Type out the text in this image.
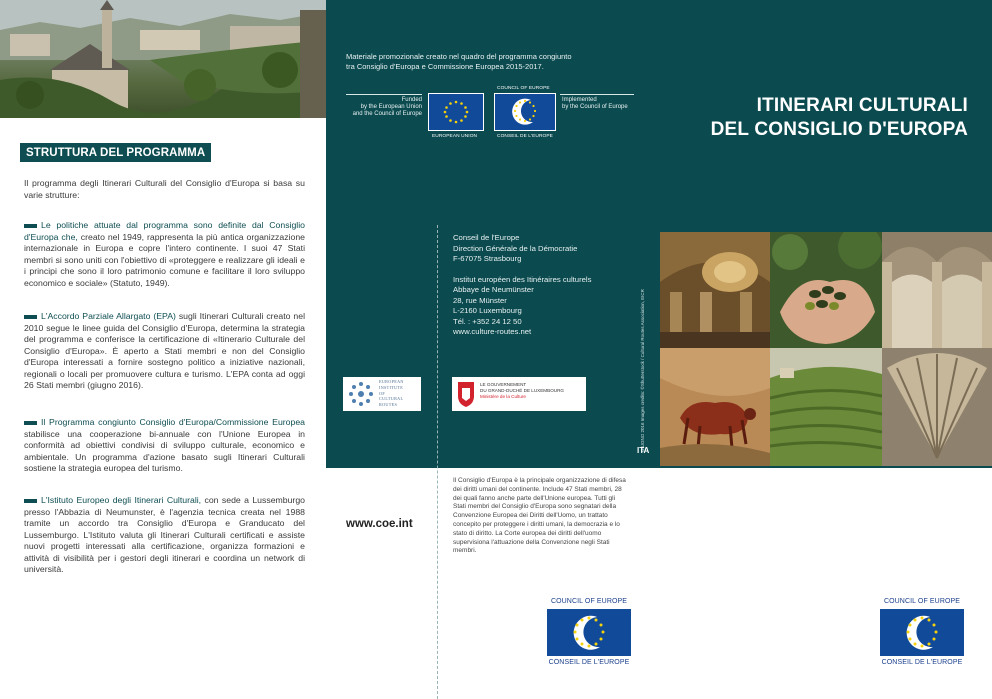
STRUTTURA DEL PROGRAMMA

Il programma degli Itinerari Culturali del Consiglio d'Europa si basa su varie strutture:

Le politiche attuate dal programma sono definite dal Consiglio d'Europa che, creato nel 1949, rappresenta la più antica organizzazione internazionale in Europa e copre l'intero continente. I suoi 47 Stati membri si sono uniti con l'obiettivo di «proteggere e realizzare gli ideali e i principi che sono il loro patrimonio comune e facilitare il loro sviluppo economico e sociale» (Statuto, 1949).

L'Accordo Parziale Allargato (EPA) sugli Itinerari Culturali creato nel 2010 segue le linee guida del Consiglio d'Europa, determina la strategia del programma e conferisce la certificazione di «Itinerario Culturale del Consiglio d'Europa». È aperto a Stati membri e non del Consiglio d'Europa interessati a fornire sostegno politico a iniziative nazionali, regionali o locali per promuovere cultura e turismo. L'EPA conta ad oggi 26 Stati membri (giugno 2016).

Il Programma congiunto Consiglio d'Europa/Commissione Europea stabilisce una cooperazione bi-annuale con l'Unione Europea in conformità ad obiettivi condivisi di sviluppo culturale, economico e ambientale. Un programma d'azione basato sugli Itinerari Culturali sostiene la strategia europea del turismo.

L'Istituto Europeo degli Itinerari Culturali, con sede a Lussemburgo presso l'Abbazia di Neumunster, è l'agenzia tecnica creata nel 1988 tramite un accordo tra Consiglio d'Europa e Granducato del Lussemburgo. L'Istituto valuta gli Itinerari Culturali certificati e assiste nuovi progetti interessati alla certificazione, organizza formazioni e attività di visibilità per i gestori degli itinerari e coordina un network di università.

Materiale promozionale creato nel quadro del programma congiunto
tra Consiglio d'Europa e Commissione Europea 2015-2017.
Funded
by the European Union
and the Council of Europe
EUROPEAN UNION
COUNCIL OF EUROPE
CONSEIL DE L'EUROPE
Implemented
by the Council of Europe	ITINERARI CULTURALI
DEL CONSIGLIO D'EUROPA
Conseil de l'Europe
Direction Générale de la Démocratie
F-67075 Strasbourg
Institut européen des Itinéraires culturels
Abbaye de Neumünster
28, rue Münster
L-2160 Luxembourg
Tél. : +352 24 12 50
www.culture-routes.net
EUROPEAN
INSTITUTE
OF
CULTURAL
ROUTES
LE GOUVERNEMENT
DU GRAND-DUCHÉ DE LUXEMBOURG
Ministère de la Culture	GIUGNO 2016 Images credits: ©Shutterstock / Cultural Routes Association, EICR
ITA
Il Consiglio d'Europa è la principale organizzazione di difesa dei diritti umani del continente. Include 47 Stati membri, 28 dei quali fanno anche parte dell'Unione europea. Tutti gli Stati membri del Consiglio d'Europa sono segnatari della Convenzione Europea dei Diritti dell'Uomo, un trattato concepito per proteggere i diritti umani, la democrazia e lo stato di diritto. La Corte europea dei diritti dell'uomo supervisiona l'attuazione della Convenzione negli Stati membri.
www.coe.int
COUNCIL OF EUROPE
CONSEIL DE L'EUROPE
COUNCIL OF EUROPE
CONSEIL DE L'EUROPE
